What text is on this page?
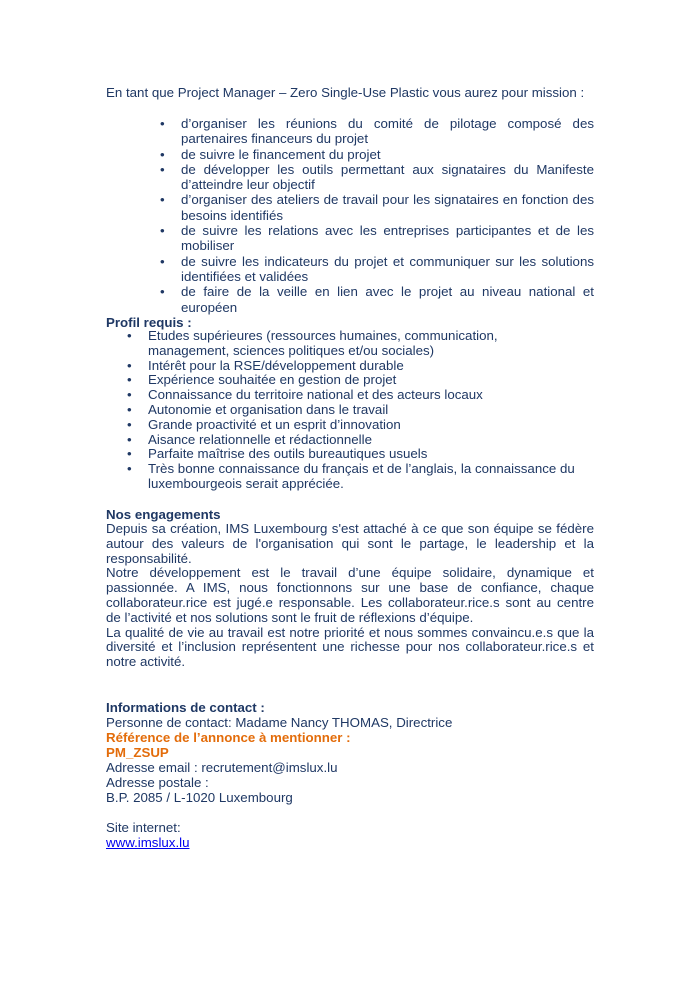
En tant que Project Manager – Zero Single-Use Plastic vous aurez pour mission :
• d’organiser les réunions du comité de pilotage composé des partenaires financeurs du projet
• de suivre le financement du projet
• de développer les outils permettant aux signataires du Manifeste d’atteindre leur objectif
• d’organiser des ateliers de travail pour les signataires en fonction des besoins identifiés
• de suivre les relations avec les entreprises participantes et de les mobiliser
• de suivre les indicateurs du projet et communiquer sur les solutions identifiées et validées
• de faire de la veille en lien avec le projet au niveau national et européen
Profil requis :
• Etudes supérieures (ressources humaines, communication, management, sciences politiques et/ou sociales)
• Intérêt pour la RSE/développement durable
• Expérience souhaitée en gestion de projet
• Connaissance du territoire national et des acteurs locaux
• Autonomie et organisation dans le travail
• Grande proactivité et un esprit d’innovation
• Aisance relationnelle et rédactionnelle
• Parfaite maîtrise des outils bureautiques usuels
• Très bonne connaissance du français et de l’anglais, la connaissance du luxembourgeois serait appréciée.
Nos engagements

Depuis sa création, IMS Luxembourg s'est attaché à ce que son équipe se fédère autour des valeurs de l'organisation qui sont le partage, le leadership et la responsabilité.

Notre développement est le travail d’une équipe solidaire, dynamique et passionnée. A IMS, nous fonctionnons sur une base de confiance, chaque collaborateur.rice est jugé.e responsable. Les collaborateur.rice.s sont au centre de l’activité et nos solutions sont le fruit de réflexions d’équipe.

La qualité de vie au travail est notre priorité et nous sommes convaincu.e.s que la diversité et l’inclusion représentent une richesse pour nos collaborateur.rice.s et notre activité.

Informations de contact :
Personne de contact: Madame Nancy THOMAS, Directrice
Référence de l’annonce à mentionner :
PM_ZSUP
Adresse email : recrutement@imslux.lu
Adresse postale :
B.P. 2085 / L-1020 Luxembourg
Site internet:
www.imslux.lu
